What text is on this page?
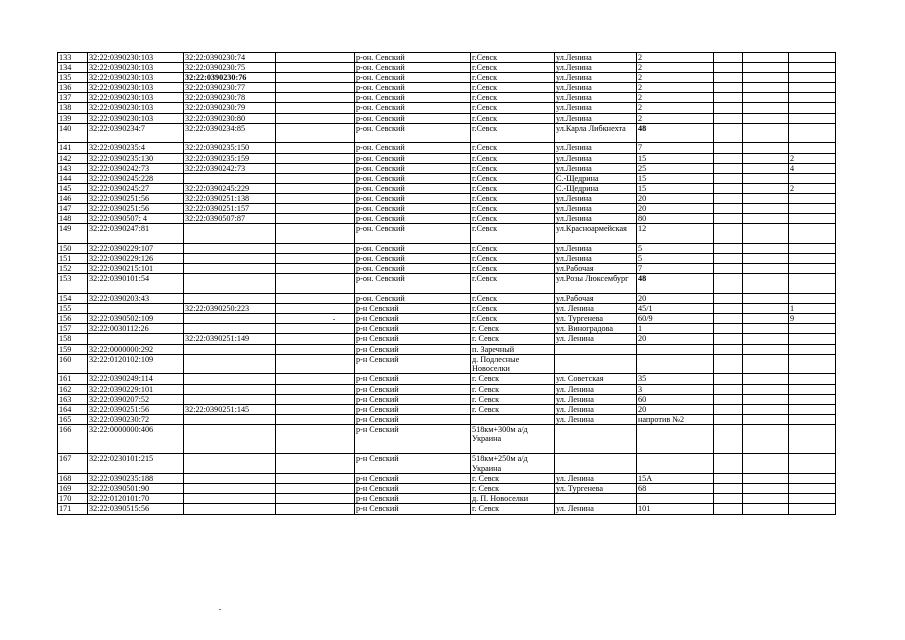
133	32:22:0390230:103	32:22:0390230:74		р-он. Севский	г.Севск	ул.Ленина	2			
134	32:22:0390230:103	32:22:0390230:75		р-он. Севский	г.Севск	ул.Ленина	2			
135	32:22:0390230:103	32:22:0390230:76		р-он. Севский	г.Севск	ул.Ленина	2			
136	32:22:0390230:103	32:22:0390230:77		р-он. Севский	г.Севск	ул.Ленина	2			
137	32:22:0390230:103	32:22:0390230:78		р-он. Севский	г.Севск	ул.Ленина	2			
138	32:22:0390230:103	32:22:0390230:79		р-он. Севский	г.Севск	ул.Ленина	2			
139	32:22:0390230:103	32:22:0390230:80		р-он. Севский	г.Севск	ул.Ленина	2			
140	32:22:0390234:7	32:22:0390234:85		р-он. Севский	г.Севск	ул.Карла Либкнехта	48			
141	32:22:0390235:4	32:22:0390235:150		р-он. Севский	г.Севск	ул.Ленина	7			
142	32:22:0390235:130	32:22:0390235:159		р-он. Севский	г.Севск	ул.Ленина	15			2
143	32:22:0390242:73	32:22:0390242:73		р-он. Севский	г.Севск	ул.Ленина	25			4
144	32:22:0390245:228			р-он. Севский	г.Севск	С.-Щедрина	15			
145	32:22:0390245:27	32:22:0390245:229		р-он. Севский	г.Севск	С.-Щедрина	15			2
146	32:22:0390251:56	32:22:0390251:138		р-он. Севский	г.Севск	ул.Ленина	20			
147	32:22:0390251:56	32:22:0390251:157		р-он. Севский	г.Севск	ул.Ленина	20			
148	32:22:0390507: 4	32:22:0390507:87		р-он. Севский	г.Севск	ул.Ленина	80			
149	32:22:0390247:81			р-он. Севский	г.Севск	ул.Красноармейская	12			
150	32:22:0390229:107			р-он. Севский	г.Севск	ул.Ленина	5			
151	32:22:0390229:126			р-он. Севский	г.Севск	ул.Ленина	5			
152	32:22:0390215:101			р-он. Севский	г.Севск	ул.Рабочая	7			
153	32:22:0390101:54			р-он. Севский	г.Севск	ул.Розы Люксембург	48			
154	32:22:0390203:43			р-он. Севский	г.Севск	ул.Рабочая	20			
155		32:22:0390250:223		р-н Севский	г.Севск	ул. Ленина	45/1			1
156	32:22:0390502:109			р-н Севский	г.Севск	ул. Тургенева	60/9			9
157	32:22:0030112:26			р-н Севский	г. Севск	ул. Виноградова	1			
158		32:22:0390251:149		р-н Севский	г. Севск	ул. Ленина	20			
159	32:22:0000000:292			р-н Севский	п. Заречный					
160	32:22:0120102:109			р-н Севский	д. Подлесные Новоселки					
161	32:22:0390249:114			р-н Севский	г. Севск	ул. Советская	35			
162	32:22:0390229:101			р-н Севский	г. Севск	ул. Ленина	3			
163	32:22:0390207:52			р-н Севский	г. Севск	ул. Ленина	60			
164	32:22:0390251:56	32:22:0390251:145		р-н Севский	г. Севск	ул. Ленина	20			
165	32:22:0390230:72			р-н Севский		ул. Ленина	напротив №2			
166	32:22:0000000:406			р-н Севский	518км+300м а/д Украина					
167	32:22:0230101:215			р-н Севский	518км+250м а/д Украина					
168	32:22:0390235:188			р-н Севский	г. Севск	ул. Ленина	15А			
169	32:22:0390501:90			р-н Севский	г. Севск	ул. Тургенева	68			
170	32:22:0120101:70			р-н Севский	д. П. Новоселки					
171	32:22:0390515:56			р-н Севский	г. Севск	ул. Ленина	101			
